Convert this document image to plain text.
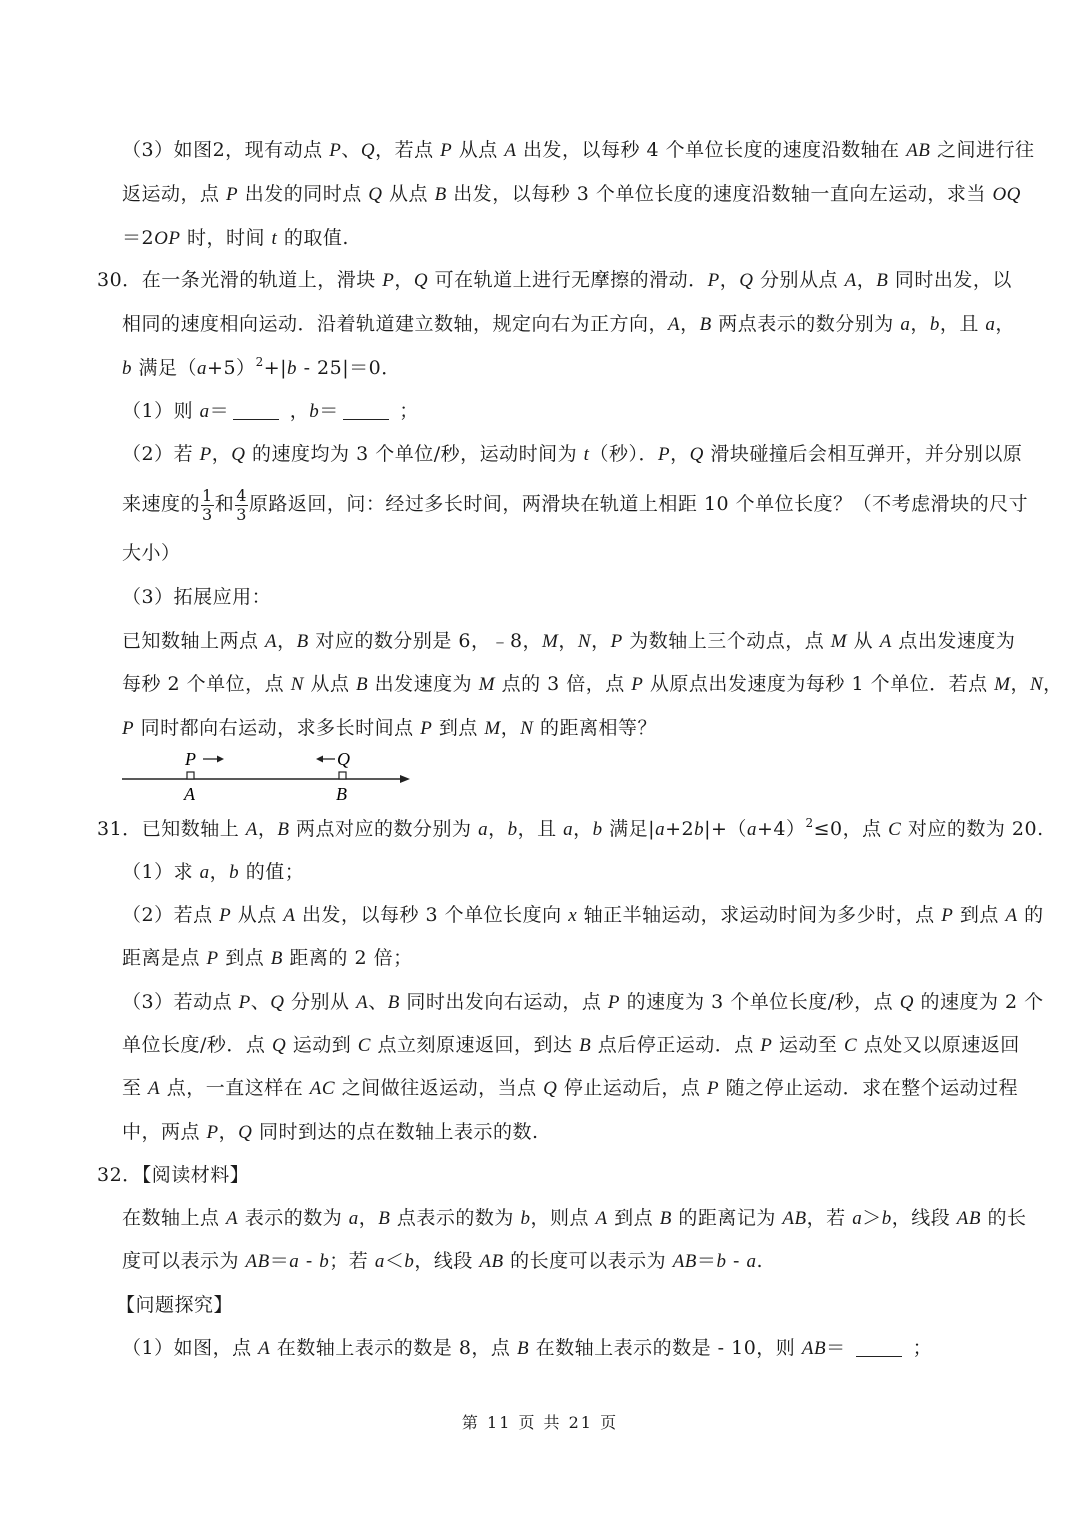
（3）如图2，现有动点 P、Q，若点 P 从点 A 出发，以每秒 4 个单位长度的速度沿数轴在 AB 之间进行往
返运动，点 P 出发的同时点 Q 从点 B 出发，以每秒 3 个单位长度的速度沿数轴一直向左运动，求当 OQ
＝2OP 时，时间 t 的取值.
30．在一条光滑的轨道上，滑块 P，Q 可在轨道上进行无摩擦的滑动．P，Q 分别从点 A，B 同时出发，以
相同的速度相向运动．沿着轨道建立数轴，规定向右为正方向，A，B 两点表示的数分别为 a，b，且 a，
b 满足$(a+5)^2+|b - 25|=0$．
（1）则 a＝	，b＝	；
（2）若 P，Q 的速度均为 3 个单位/秒，运动时间为 t（秒）．P，Q 滑块碰撞后会相互弹开，并分别以原
来速度的 $\frac{1}{3}$ 和 $\frac{4}{3}$ 原路返回，问：经过多长时间，两滑块在轨道上相距 10 个单位长度？（不考虑滑块的尺寸
大小）
（3）拓展应用：
已知数轴上两点 A，B 对应的数分别是 6，﹣8，M，N，P 为数轴上三个动点，点 M 从 A 点出发速度为
每秒 2 个单位，点 N 从点 B 出发速度为 M 点的 3 倍，点 P 从原点出发速度为每秒 1 个单位．若点 M，N，
P 同时都向右运动，求多长时间点 P 到点 M，N 的距离相等？
P	Q
A	B
31．已知数轴上 A，B 两点对应的数分别为 a，b，且 a，b 满足$|a+2b|+(a+4)^2\le 0$，点 C 对应的数为 20.
（1）求 a，b 的值；
（2）若点 P 从点 A 出发，以每秒 3 个单位长度向 x 轴正半轴运动，求运动时间为多少时，点 P 到点 A 的
距离是点 P 到点 B 距离的 2 倍；
（3）若动点 P、Q 分别从 A、B 同时出发向右运动，点 P 的速度为 3 个单位长度/秒，点 Q 的速度为 2 个
单位长度/秒．点 Q 运动到 C 点立刻原速返回，到达 B 点后停正运动．点 P 运动至 C 点处又以原速返回
至 A 点，一直这样在 AC 之间做往返运动，当点 Q 停止运动后，点 P 随之停止运动．求在整个运动过程
中，两点 P，Q 同时到达的点在数轴上表示的数.
32．【阅读材料】
在数轴上点 A 表示的数为 a，B 点表示的数为 b，则点 A 到点 B 的距离记为 AB，若 a＞b，线段 AB 的长
度可以表示为 AB＝a - b；若 a＜b，线段 AB 的长度可以表示为 AB＝b - a.
【问题探究】
（1）如图，点 A 在数轴上表示的数是 8，点 B 在数轴上表示的数是 - 10，则 AB＝	；
第 11 页 共 21 页
